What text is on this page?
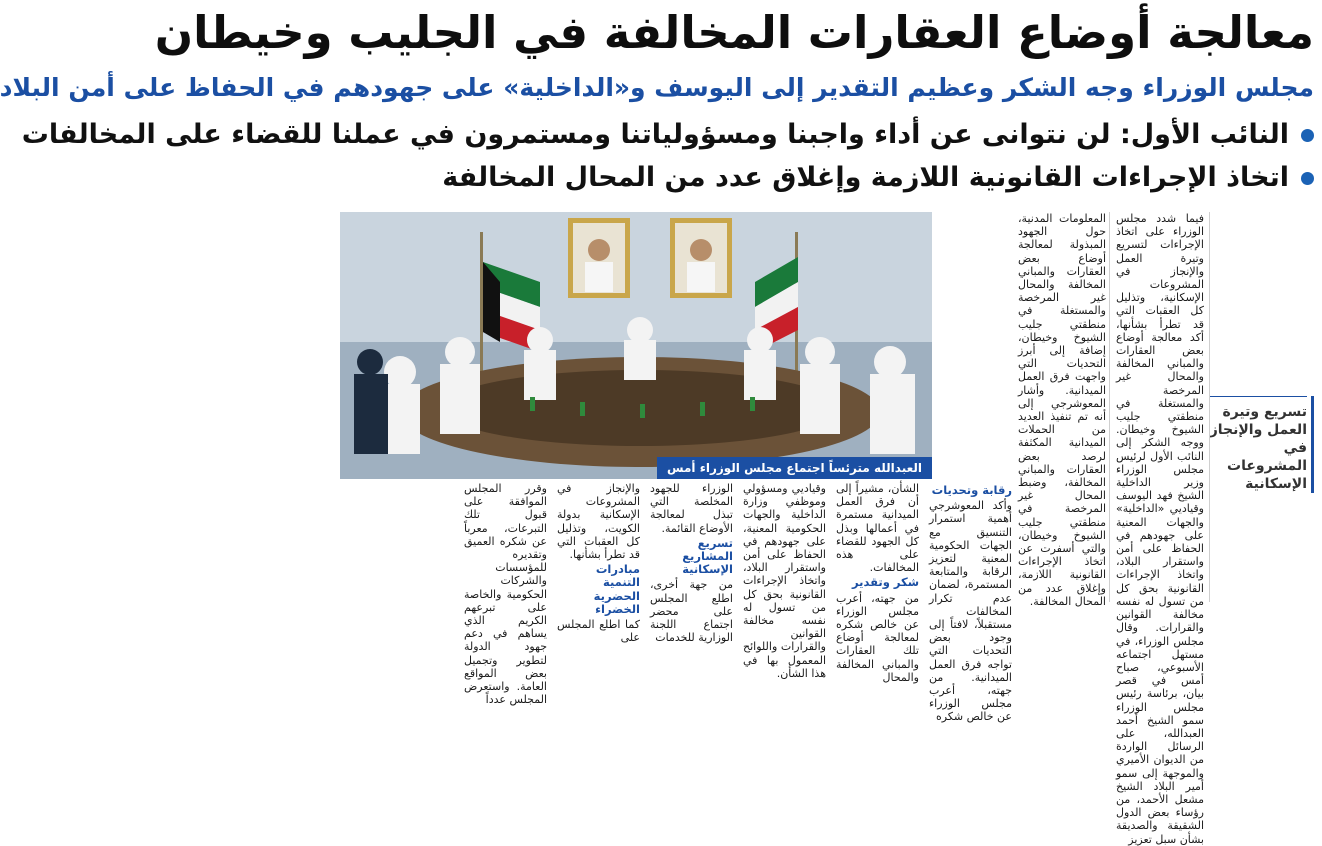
معالجة أوضاع العقارات المخالفة في الجليب وخيطان
مجلس الوزراء وجه الشكر وعظيم التقدير إلى اليوسف و«الداخلية» على جهودهم في الحفاظ على أمن البلاد
النائب الأول: لن نتوانى عن أداء واجبنا ومسؤولياتنا ومستمرون في عملنا للقضاء على المخالفات
اتخاذ الإجراءات القانونية اللازمة وإغلاق عدد من المحال المخالفة

فيما شدد مجلس الوزراء على اتخاذ الإجراءات لتسريع وتيرة العمل والإنجاز في المشروعات الإسكانية، وتذليل كل العقبات التي قد تطرأ بشأنها، أكد معالجة أوضاع بعض العقارات والمباني المخالفة والمحال غير المرخصة والمستغلة في منطقتي جليب الشيوخ وخيطان. ووجه الشكر إلى النائب الأول لرئيس مجلس الوزراء وزير الداخلية الشيخ فهد اليوسف وقياديي «الداخلية» والجهات المعنية على جهودهم في الحفاظ على أمن واستقرار البلاد، واتخاذ الإجراءات القانونية بحق كل من تسول له نفسه مخالفة القوانين والقرارات. وقال مجلس الوزراء، في مستهل اجتماعه الأسبوعي، صباح أمس في قصر بيان، برئاسة رئيس مجلس الوزراء سمو الشيخ أحمد العبدالله، على الرسائل الواردة من الديوان الأميري والموجهة إلى سمو أمير البلاد الشيخ مشعل الأحمد، من رؤساء بعض الدول الشقيقة والصديقة بشأن سبل تعزيز

المعلومات المدنية، حول الجهود المبذولة لمعالجة أوضاع بعض العقارات والمباني المخالفة والمحال غير المرخصة والمستغلة في منطقتي جليب الشيوخ وخيطان، إضافة إلى أبرز التحديات التي واجهت فرق العمل الميدانية. وأشار المعوشرجي إلى أنه تم تنفيذ العديد من الحملات الميدانية المكثفة لرصد بعض العقارات والمباني المخالفة، وضبط المحال غير المرخصة في منطقتي جليب الشيوخ وخيطان، والتي أسفرت عن اتخاذ الإجراءات القانونية اللازمة، وإغلاق عدد من المحال المخالفة.

تسريع وتيرة العمل والإنجاز في المشروعات الإسكانية
العبدالله مترئساً اجتماع مجلس الوزراء أمس
رقابة وتحديات

وأكد المعوشرجي أهمية استمرار التنسيق مع الجهات الحكومية المعنية لتعزيز الرقابة والمتابعة المستمرة، لضمان عدم تكرار المخالفات مستقبلاً، لافتاً إلى وجود بعض التحديات التي تواجه فرق العمل الميدانية. من جهته، أعرب مجلس الوزراء عن خالص شكره

الشأن، مشيراً إلى أن فرق العمل الميدانية مستمرة في أعمالها وبذل كل الجهود للقضاء على هذه المخالفات.

شكر وتقدير

من جهته، أعرب مجلس الوزراء عن خالص شكره لمعالجة أوضاع تلك العقارات والمباني المخالفة والمحال

وقياديي ومسؤولي وموظفي وزارة الداخلية والجهات الحكومية المعنية، على جهودهم في الحفاظ على أمن واستقرار البلاد، واتخاذ الإجراءات القانونية بحق كل من تسول له نفسه مخالفة القوانين والقرارات واللوائح المعمول بها في هذا الشأن.

الوزراء للجهود المخلصة التي تبذل لمعالجة الأوضاع القائمة.

تسريع المشاريع الإسكانية

من جهة أخرى، اطلع المجلس على محضر اجتماع اللجنة الوزارية للخدمات

والإنجاز في المشروعات الإسكانية بدولة الكويت، وتذليل كل العقبات التي قد تطرأ بشأنها.

مبادرات التنمية الحضرية الخضراء

كما اطلع المجلس على

وقرر المجلس الموافقة على قبول تلك التبرعات، معرباً عن شكره العميق وتقديره للمؤسسات والشركات الحكومية والخاصة على تبرعهم الكريم الذي يساهم في دعم جهود الدولة لتطوير وتجميل بعض المواقع العامة. واستعرض المجلس عدداً
